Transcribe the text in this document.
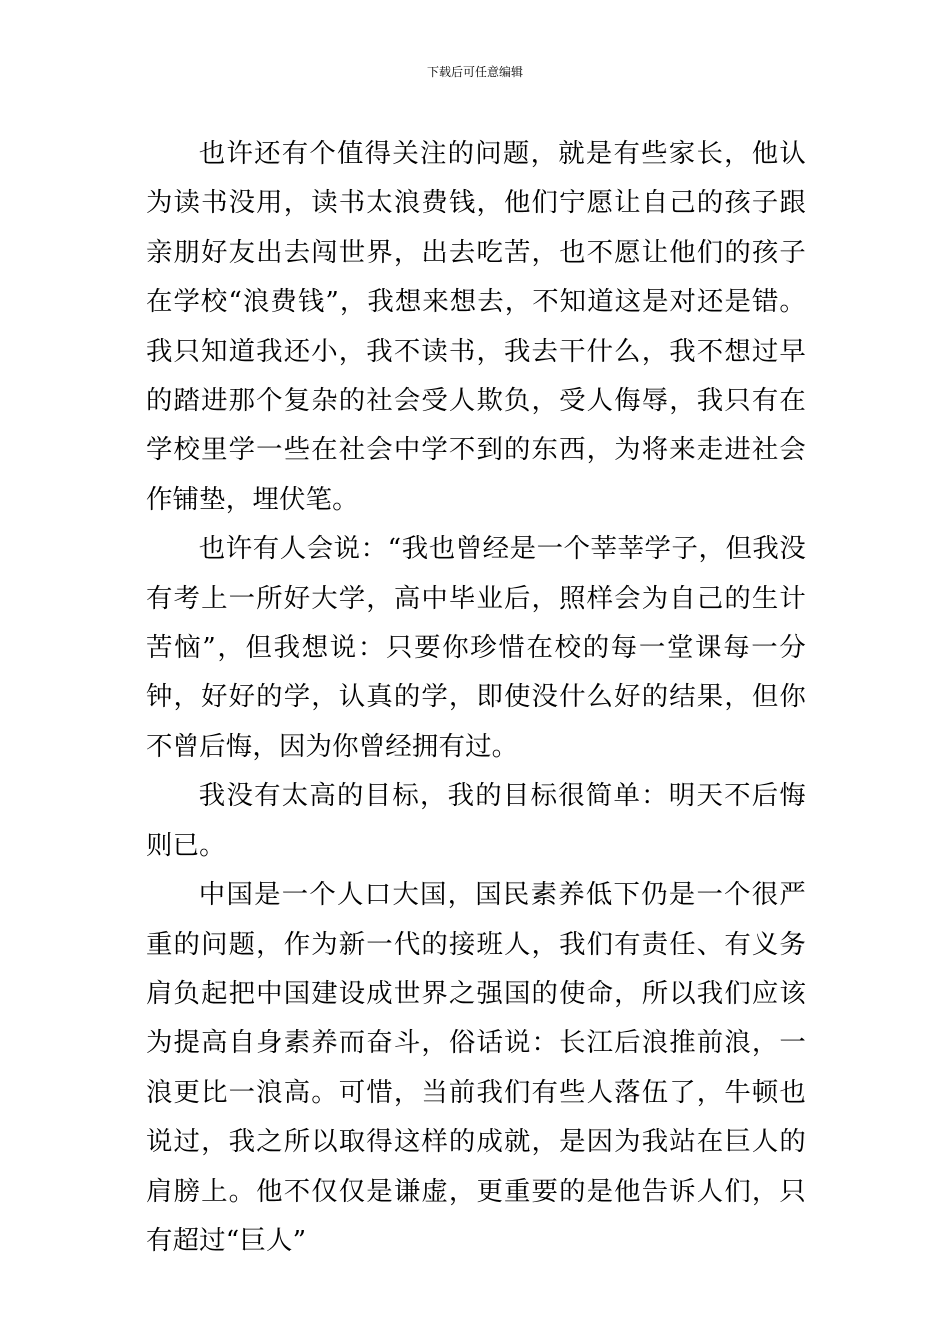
下载后可任意编辑

也许还有个值得关注的问题，就是有些家长，他认为读书没用，读书太浪费钱，他们宁愿让自己的孩子跟亲朋好友出去闯世界，出去吃苦，也不愿让他们的孩子在学校“浪费钱”，我想来想去，不知道这是对还是错。我只知道我还小，我不读书，我去干什么，我不想过早的踏进那个复杂的社会受人欺负，受人侮辱，我只有在学校里学一些在社会中学不到的东西，为将来走进社会作铺垫，埋伏笔。

也许有人会说：“我也曾经是一个莘莘学子，但我没有考上一所好大学，高中毕业后，照样会为自己的生计苦恼”，但我想说：只要你珍惜在校的每一堂课每一分钟，好好的学，认真的学，即使没什么好的结果，但你不曾后悔，因为你曾经拥有过。

我没有太高的目标，我的目标很简单：明天不后悔则已。

中国是一个人口大国，国民素养低下仍是一个很严重的问题，作为新一代的接班人，我们有责任、有义务肩负起把中国建设成世界之强国的使命，所以我们应该为提高自身素养而奋斗，俗话说：长江后浪推前浪，一浪更比一浪高。可惜，当前我们有些人落伍了，牛顿也说过，我之所以取得这样的成就，是因为我站在巨人的肩膀上。他不仅仅是谦虚，更重要的是他告诉人们，只有超过“巨人”
